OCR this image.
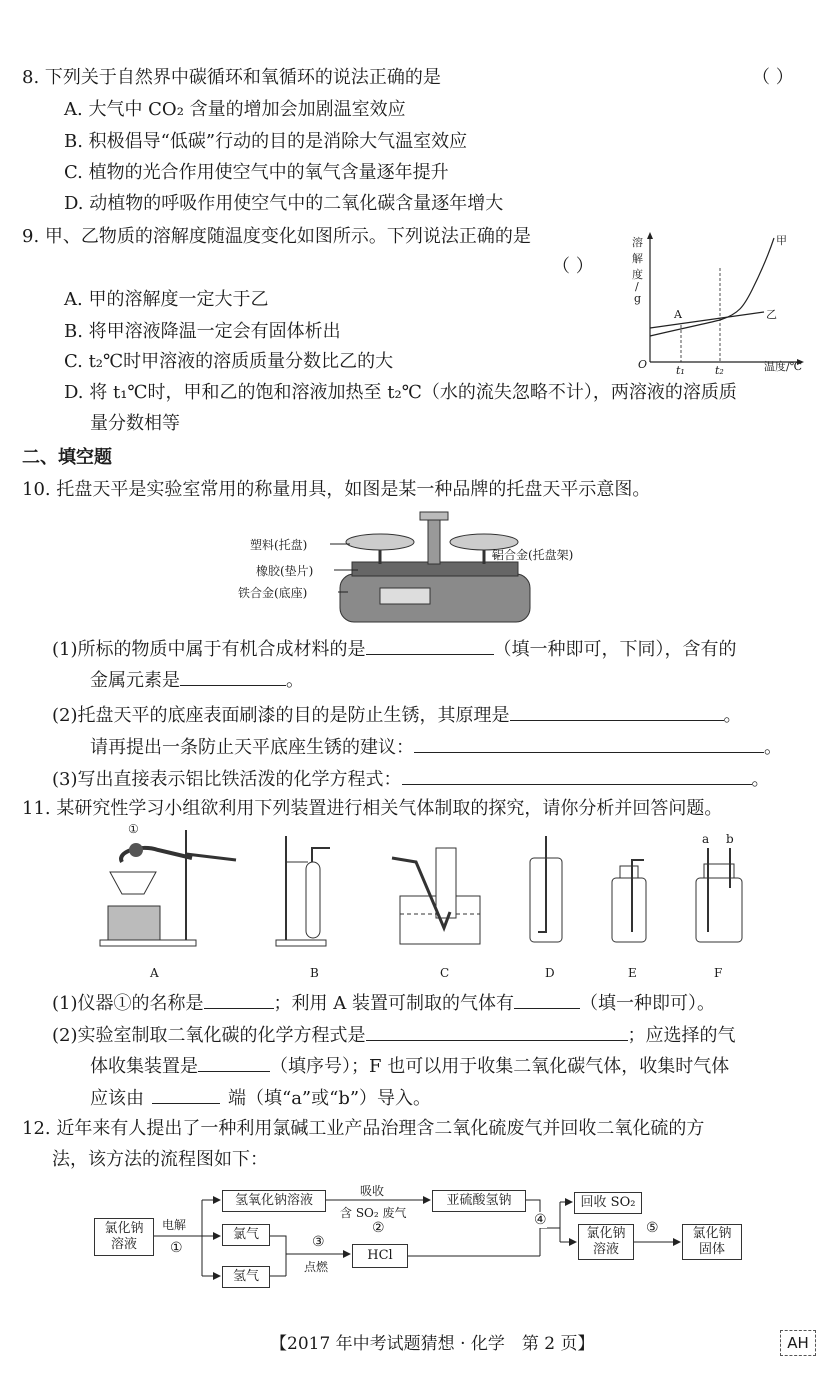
8. 下列关于自然界中碳循环和氧循环的说法正确的是	（ ）
A. 大气中 CO₂ 含量的增加会加剧温室效应
B. 积极倡导“低碳”行动的目的是消除大气温室效应
C. 植物的光合作用使空气中的氧气含量逐年提升
D. 动植物的呼吸作用使空气中的二氧化碳含量逐年增大
9. 甲、乙物质的溶解度随温度变化如图所示。下列说法正确的是
（ ）
A. 甲的溶解度一定大于乙
B. 将甲溶液降温一定会有固体析出
C. t₂℃时甲溶液的溶质质量分数比乙的大
D. 将 t₁℃时，甲和乙的饱和溶液加热至 t₂℃（水的流失忽略不计），两溶液的溶质质
量分数相等
溶
解
度
/
g
甲
乙
A
O	t₁	t₂	温度/℃
二、填空题
10. 托盘天平是实验室常用的称量用具，如图是某一种品牌的托盘天平示意图。
塑料(托盘)
铝合金(托盘架)
橡胶(垫片)
铁合金(底座)
(1)所标的物质中属于有机合成材料的是	（填一种即可，下同），含有的
金属元素是	。
(2)托盘天平的底座表面刷漆的目的是防止生锈，其原理是	。
请再提出一条防止天平底座生锈的建议：	。
(3)写出直接表示铝比铁活泼的化学方程式：	。
11. 某研究性学习小组欲利用下列装置进行相关气体制取的探究，请你分析并回答问题。
①
A	B	C	D	E	F
a b
(1)仪器①的名称是	；利用 A 装置可制取的气体有	（填一种即可）。
(2)实验室制取二氧化碳的化学方程式是	；应选择的气
体收集装置是	（填序号）；F 也可以用于收集二氧化碳气体，收集时气体
应该由	端（填“a”或“b”）导入。
12. 近年来有人提出了一种利用氯碱工业产品治理含二氧化硫废气并回收二氧化硫的方
法，该方法的流程图如下：
氯化钠
溶液
电解
①
氢氧化钠溶液
吸收
含 SO₂ 废气
②
亚硫酸氢钠
氯气
氢气
③
点燃
HCl
④
回收 SO₂
氯化钠
溶液
⑤	氯化钠
固体
【2017 年中考试题猜想 · 化学　第 2 页】	AH
